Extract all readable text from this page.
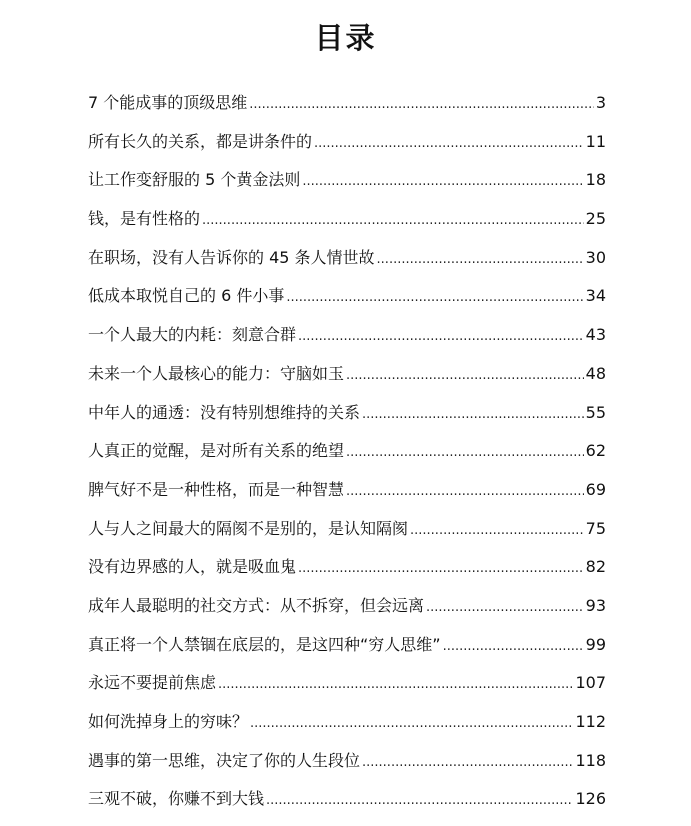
目录
7 个能成事的顶级思维 .....	3
所有长久的关系，都是讲条件的 .....	11
让工作变舒服的 5 个黄金法则 .....	18
钱，是有性格的 .....	25
在职场，没有人告诉你的 45 条人情世故 .....	30
低成本取悦自己的 6 件小事 .....	34
一个人最大的内耗：刻意合群 .....	43
未来一个人最核心的能力：守脑如玉 .....	48
中年人的通透：没有特别想维持的关系 .....	55
人真正的觉醒，是对所有关系的绝望 .....	62
脾气好不是一种性格，而是一种智慧 .....	69
人与人之间最大的隔阂不是别的，是认知隔阂 .....	75
没有边界感的人，就是吸血鬼 .....	82
成年人最聪明的社交方式：从不拆穿，但会远离 .....	93
真正将一个人禁锢在底层的，是这四种“穷人思维” .....	99
永远不要提前焦虑 .....	107
如何洗掉身上的穷味？ .....	112
遇事的第一思维，决定了你的人生段位 .....	118
三观不破，你赚不到大钱 .....	126
